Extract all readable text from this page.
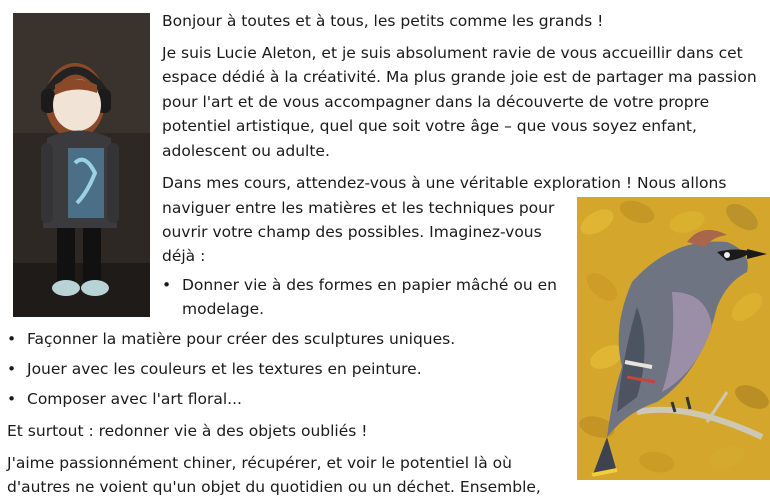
Bonjour à toutes et à tous, les petits comme les grands !

Je suis Lucie Aleton, et je suis absolument ravie de vous accueillir dans cet

espace dédié à la créativité. Ma plus grande joie est de partager ma passion

pour l'art et de vous accompagner dans la découverte de votre propre

potentiel artistique, quel que soit votre âge – que vous soyez enfant,

adolescent ou adulte.

Dans mes cours, attendez-vous à une véritable exploration ! Nous allons

naviguer entre les matières et les techniques pour

ouvrir votre champ des possibles. Imaginez-vous

déjà :

• Donner vie à des formes en papier mâché ou en

modelage.

• Façonner la matière pour créer des sculptures uniques.
• Jouer avec les couleurs et les textures en peinture.
• Composer avec l'art floral...

Et surtout : redonner vie à des objets oubliés !

J'aime passionnément chiner, récupérer, et voir le potentiel là où

d'autres ne voient qu'un objet du quotidien ou un déchet. Ensemble,
